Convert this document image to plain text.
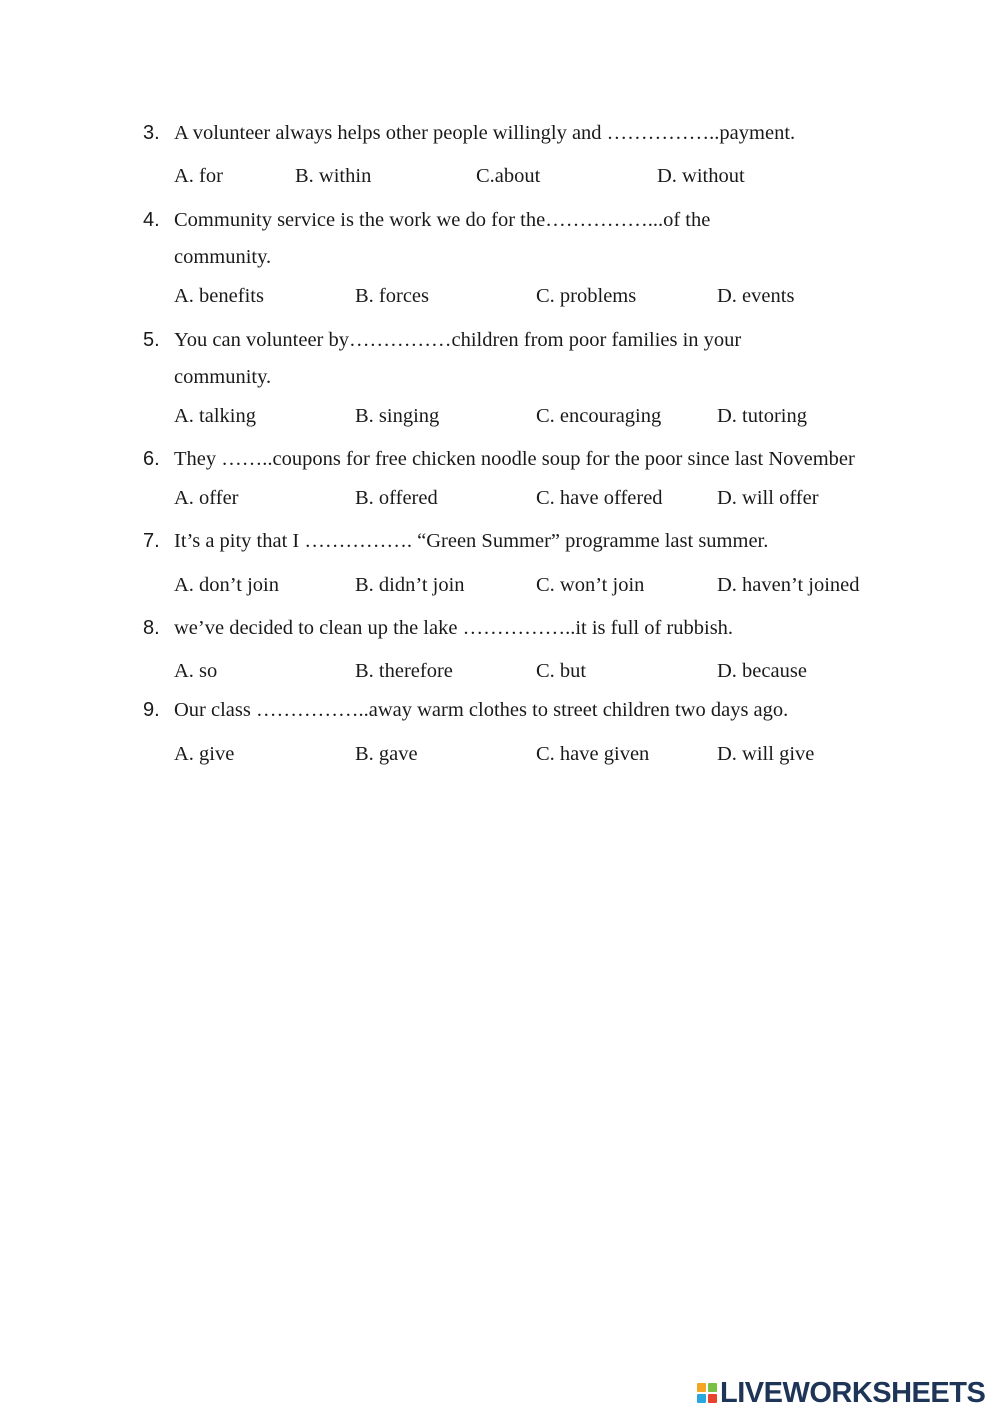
3. A volunteer always helps other people willingly and ……………..payment.
A. for	B. within	C.about	D. without
4. Community service is the work we do for the……………...of the
community.
A. benefits	B. forces	C. problems	D. events
5. You can volunteer by……………children from poor families in your
community.
A. talking	B. singing	C. encouraging	D. tutoring
6. They ……..coupons for free chicken noodle soup for the poor since last November
A. offer	B. offered	C. have offered	D. will offer
7. It’s a pity that I ……………. “Green Summer” programme last summer.
A. don’t join	B. didn’t join	C. won’t join	D. haven’t joined
8. we’ve decided to clean up the lake ……………..it is full of rubbish.
A. so	B. therefore	C. but	D. because
9. Our class ……………..away warm clothes to street children two days ago.
A. give	B. gave	C. have given	D. will give
LIVEWORKSHEETS
